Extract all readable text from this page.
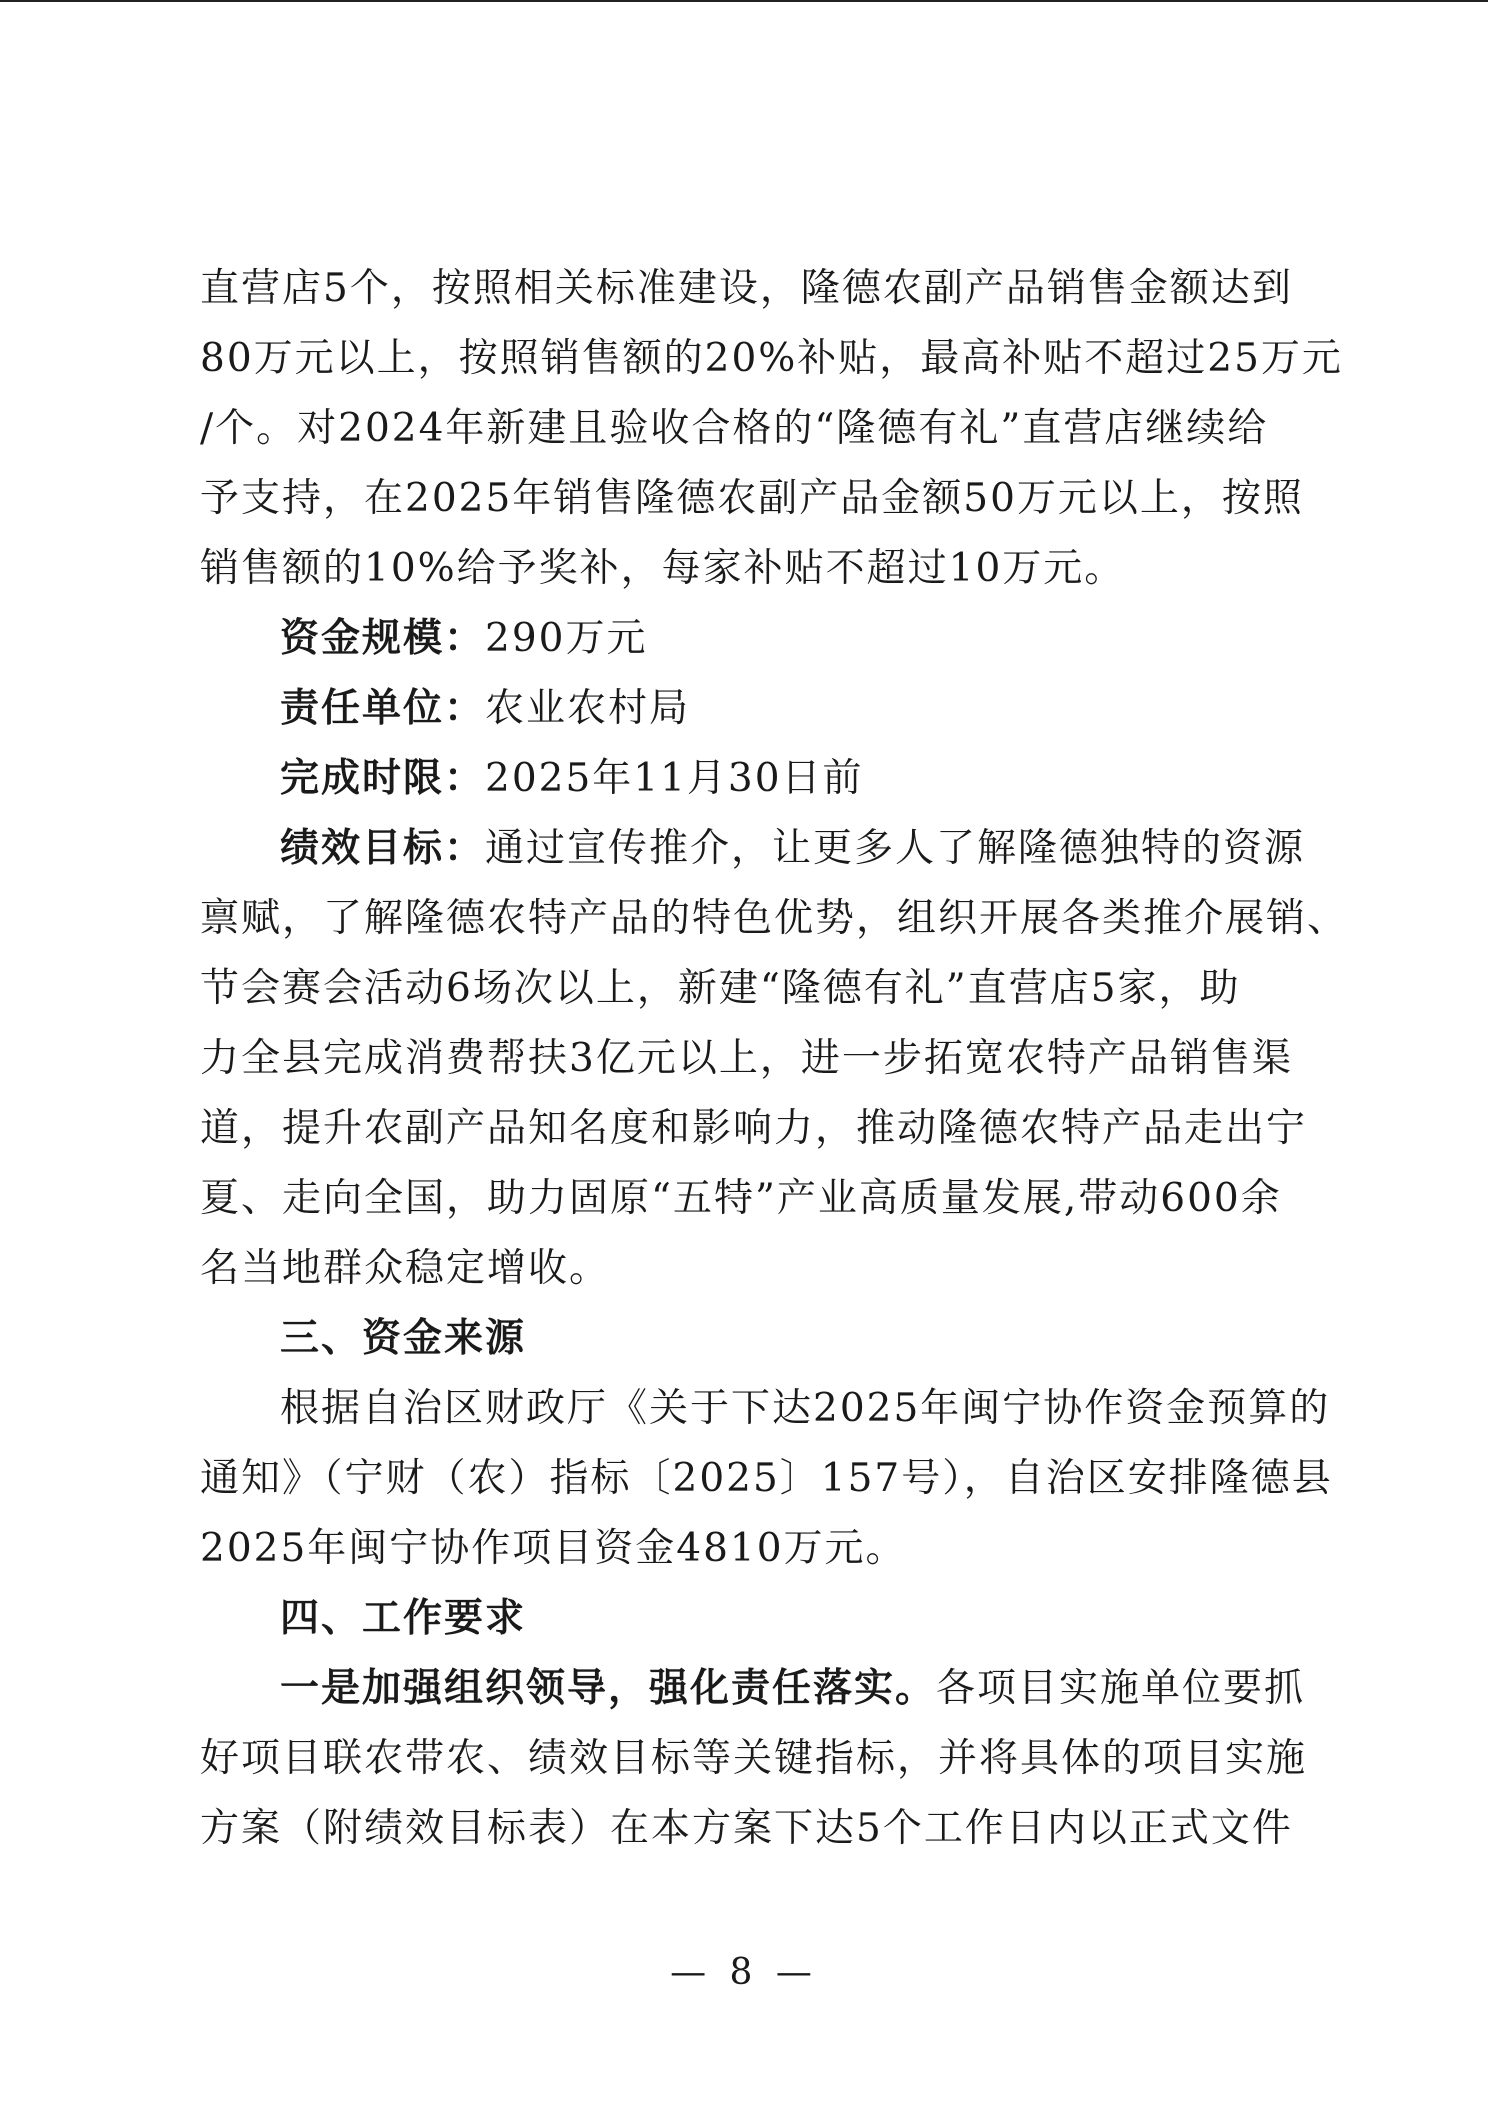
直营店5个，按照相关标准建设，隆德农副产品销售金额达到
80万元以上，按照销售额的20%补贴，最高补贴不超过25万元
/个。对2024年新建且验收合格的“隆德有礼”直营店继续给
予支持，在2025年销售隆德农副产品金额50万元以上，按照
销售额的10%给予奖补，每家补贴不超过10万元。
资金规模：290万元
责任单位：农业农村局
完成时限：2025年11月30日前
绩效目标：通过宣传推介，让更多人了解隆德独特的资源
禀赋，了解隆德农特产品的特色优势，组织开展各类推介展销、
节会赛会活动6场次以上，新建“隆德有礼”直营店5家，助
力全县完成消费帮扶3亿元以上，进一步拓宽农特产品销售渠
道，提升农副产品知名度和影响力，推动隆德农特产品走出宁
夏、走向全国，助力固原“五特”产业高质量发展,带动600余
名当地群众稳定增收。
三、资金来源
根据自治区财政厅《关于下达2025年闽宁协作资金预算的
通知》（宁财（农）指标〔2025〕157号），自治区安排隆德县
2025年闽宁协作项目资金4810万元。
四、工作要求
一是加强组织领导，强化责任落实。各项目实施单位要抓
好项目联农带农、绩效目标等关键指标，并将具体的项目实施
方案（附绩效目标表）在本方案下达5个工作日内以正式文件
— 8 —
